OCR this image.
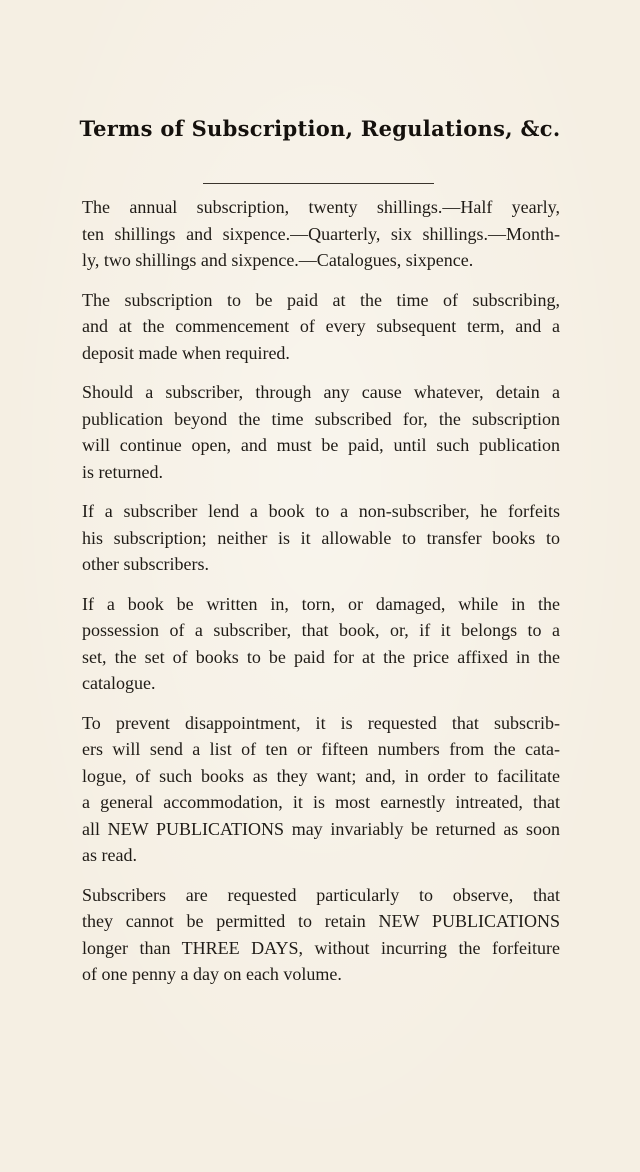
Terms of Subscription, Regulations, &c.

The annual subscription, twenty shillings.—Half yearly,
ten shillings and sixpence.—Quarterly, six shillings.—Month-
ly, two shillings and sixpence.—Catalogues, sixpence.

The subscription to be paid at the time of subscribing,
and at the commencement of every subsequent term, and a
deposit made when required.

Should a subscriber, through any cause whatever, detain a
publication beyond the time subscribed for, the subscription
will continue open, and must be paid, until such publication
is returned.

If a subscriber lend a book to a non-subscriber, he forfeits
his subscription; neither is it allowable to transfer books to
other subscribers.

If a book be written in, torn, or damaged, while in the
possession of a subscriber, that book, or, if it belongs to a
set, the set of books to be paid for at the price affixed in the
catalogue.

To prevent disappointment, it is requested that subscrib-
ers will send a list of ten or fifteen numbers from the cata-
logue, of such books as they want; and, in order to facilitate
a general accommodation, it is most earnestly intreated, that
all NEW PUBLICATIONS may invariably be returned as soon
as read.

Subscribers are requested particularly to observe, that
they cannot be permitted to retain NEW PUBLICATIONS
longer than THREE DAYS, without incurring the forfeiture
of one penny a day on each volume.
